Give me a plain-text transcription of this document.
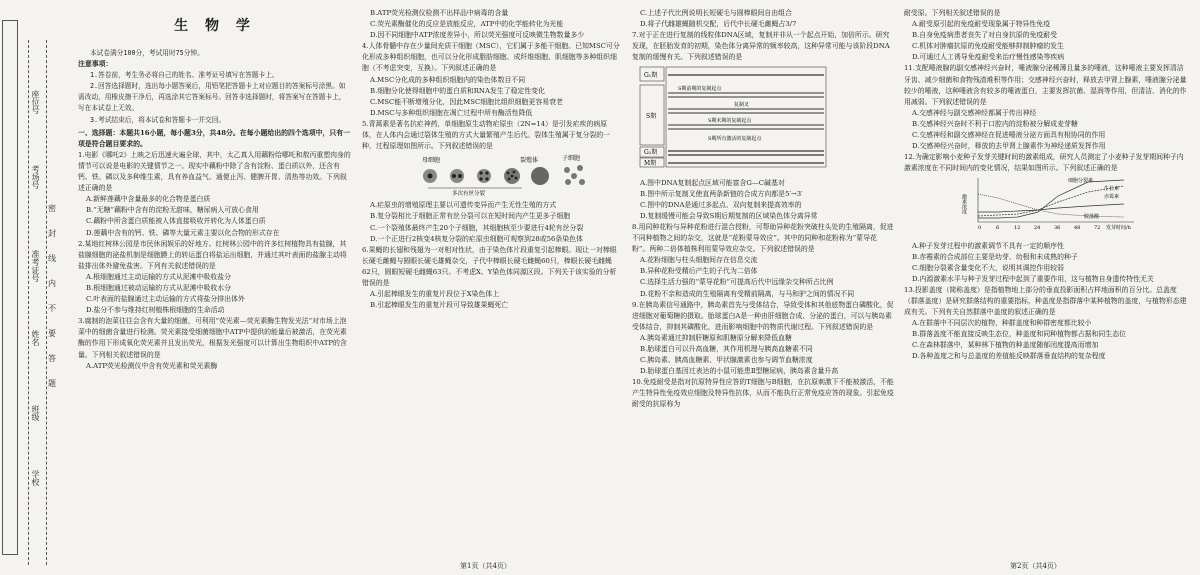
学校
班级
姓名
准考证号
考场号
座位号
密
封
线
内
不
要
答
题

生 物 学

本试卷满分100分，考试用时75分钟。

注意事项：

1.答卷前，考生务必将自己的姓名、准考证号填写在答题卡上。

2.回答选择题时，选出每小题答案后，用铅笔把答题卡上对应题目的答案标号涂黑。如需改动，用橡皮擦干净后，再选涂其它答案标号。回答非选择题时，将答案写在答题卡上，写在本试卷上无效。

3.考试结束后，将本试卷和答题卡一并交回。

一、选择题：本题共16小题，每小题3分，共48分。在每小题给出的四个选项中，只有一项是符合题目要求的。

1.电影《哪吒2》上映之后迅速火遍全球，其中，太乙真人用藕粉给哪吒和敖丙重塑肉身的情节可以说是电影的关键情节之一。现实中藕粉中除了含有淀粉、蛋白质以外，还含有钙、铁、磷以及多种维生素，具有养血益气、通便止泻、健脾开胃、清热等功效。下列叙述正确的是

A.新鲜莲藕中含量最多的化合物是蛋白质

B.“无糖”藕粉中含有的淀粉无甜味，糖尿病人可放心食用

C.藕粉中所含蛋白质能被人体直接吸收并转化为人体蛋白质

D.莲藕中含有的钙、铁、磷等大量元素主要以化合物的形式存在

2.某地红树林公园是市民休闲娱乐的好地方。红树林公园中的许多红树植物具有盐腺，其盐腺细胞的泌盐机制是细胞膜上的转运蛋白将盐运出细胞，并通过其叶表面的盐腺主动将盐排出体外避免盐害。下列有关叙述错误的是

A.根细胞通过主动运输的方式从泥滩中吸收盐分

B.根细胞通过被动运输的方式从泥滩中吸收水分

C.叶表面的盐腺通过主动运输的方式将盐分排出体外

D.盐分不参与维持红树植株根细胞的生命活动

3.腐制的泡菜往往会含有大量的细菌，可利用“荧光素—荧光素酶生物发光法”对市场上泡菜中的细菌含量进行检测。荧光素接受细菌细胞中ATP中提供的能量后被激活，在荧光素酶的作用下形成氧化荧光素并且发出荧光，根据发光强度可以计算出生物组织中ATP的含量。下列相关叙述错误的是

A.ATP荧光检测仪中含有荧光素和荧光素酶

B.ATP荧光检测仪检测不出样品中病毒的含量

C.荧光素酶催化的反应是放能反应，ATP中的化学能转化为光能

D.因不同细胞中ATP浓度差异小，所以荧光强度可反映微生物数量多少

4.人体骨髓中存在少量间充质干细胞（MSC），它们属于多能干细胞。已知MSC可分化形成多种组织细胞，也可以分化形成脂肪细胞、成纤维细胞、肌细胞等多种组织细胞（不考虑突变，互换）。下列叙述正确的是

A.MSC分化成的多种组织细胞内的染色体数目不同

B.细胞分化使得细胞中的蛋白质和RNA发生了稳定性变化

C.MSC能不断增殖分化，因此MSC细胞比组织细胞更容易衰老

D.MSC与多种组织细胞在凋亡过程中所有酶活性降低

5.青蒿素是著名抗疟神药，单细胞原生动物疟原虫（2N=14）是引发疟疾的病原体，在人体内会通过裂体生殖的方式大量繁殖产生后代。裂体生殖属于复分裂的一种，过程原理如图所示。下列叙述错误的是

母细胞	裂殖体	子细胞
多次有丝分裂

A.疟原虫的增殖原理主要以可遗传变异而产生无性生殖的方式

B.复分裂相比于细胞正常有丝分裂可以在短时间内产生更多子细胞

C.一个裂殖体最终产生20个子细胞，其细胞核至少要进行4轮有丝分裂

D.一个正进行2核变4核复分裂的疟原虫细胞可观察到28或56条染色体

6.果蝇的长翅和残翅为一对相对性状，由于染色体片段重复引起棒眼。现让一对棒眼长硬毛雌蝇与圆眼长硬毛雄蝇杂交，子代中棒眼长硬毛雌蝇60只，棒眼长硬毛雌蝇62只，圆眼短硬毛雌蝇63只。不考虑X、Y染色体同源区段。下列关于该实验的分析错误的是

A.引起棒眼发生的重复片段位于X染色体上

B.引起棒眼发生的重复片段可导致雄果蝇死亡

第1页（共4页）

C.上述子代比例说明长短硬毛与圆棒眼间自由组合

D.将子代雌雄蝇随机交配，后代中长硬毛雌蝇占3/7

7.对于正在进行复制的线粒体DNA区域，复制并非从一个起点开始，加倍所示。研究发现，在胚胎发育的初期，染色体分离异常的频率较高，这种异常可能与该阶段DNA复制的缓慢有关。下列叙述错误的是

G₁期
S期
G₂期
M期
S期前期的复制起点
复制叉
S期末期的复制起点
S期所有激活的复制起点

A.图中DNA复制起点区域可能富含G—C碱基对

B.图中所示复制叉使直两条新链的合成方向都是5′→3′

C.图中的DNA是通过多起点、双向复制来提高效率的

D.复制缓慢可能会导致S期后期复制的区域染色体分离异常

8.用同种花粉与异种花粉进行混合授粉，可帮助异种花粉突破柱头处的生殖隔离，促进不同种植物之间的杂交，这就是“花粉蒙导效应”。其中的同种和花粉称为“蒙导花粉”。两种二倍体植株利用蒙导效应杂交。下列叙述错误的是

A.花粉细胞与柱头细胞间存在信息交流

B.异种花粉受精后产生的子代为二倍体

C.选择生活力强的“蒙导花粉”可提高后代中远缘杂交种所占比例

D.花粉不亲和造成的生殖隔离有受精前隔离，与马和驴之间的情况不同

9.在胰岛素信号通路中，胰岛素首先与受体结合，导致受体和其他底物蛋白磷酸化，促进细胞对葡萄糖的摄取。胎球蛋白A是一种由肝细胞合成、分泌的蛋白，可以与胰岛素受体结合，抑制其磷酸化，进而影响细胞中的物质代谢过程。下列叙述错误的是

A.胰岛素通过抑制肝糖原和肌糖原分解来降低血糖

B.胎球蛋白可以升高血糖，其作用机理与胰高血糖素不同

C.胰岛素、胰高血糖素、甲状腺激素也参与调节血糖浓度

D.胎球蛋白基因过表达的小鼠可能患Ⅱ型糖尿病，胰岛素含量升高

10.免疫耐受是指对抗原特异性应答的T细胞与B细胞，在抗原刺激下不能被激活，不能产生特异性免疫效应细胞及特异性抗体，从而不能执行正常免疫应答的现象。引起免疫耐受的抗原称为

耐受原。下列相关叙述错误的是

A.耐受原引起的免疫耐受现象属于特异性免疫

B.自身免疫病患者丧失了对自身抗原的免疫耐受

C.机体对肿瘤抗原的免疫耐受能够抑制肿瘤的发生

D.可通过人工诱导免疫耐受来治疗慢性感染等疾病

11.支配唾液腺的副交感神经兴奋时，唾液腺分泌稀薄且量多的唾液，这种唾液主要发挥清洁牙齿、减少细菌和食物残渣堆积等作用；交感神经兴奋时，释放去甲肾上腺素，唾液腺分泌量较少的唾液，这种唾液含有较多的唾液蛋白，主要发挥抗菌、湿润等作用，但清洁、消化的作用减弱。下列叙述错误的是

A.交感神经与副交感神经都属于传出神经

B.交感神经兴奋时不利于口腔内的淀粉被分解成麦芽糖

C.交感神经和副交感神经在促进唾液分泌方面具有相协同的作用

D.交感神经兴奋时，释放的去甲肾上腺素作为神经递质发挥作用

12.为确定影响小麦种子发芽关键时间的激素组成，研究人员测定了小麦种子发芽期间种子内激素浓度在不同时间内的变化情况，结果如图所示。下列叙述正确的是

激素浓度
细胞分裂素
生长素
赤霉素
脱落酸
0	6	12	24	36	48	72 发芽时间/h

A.种子发芽过程中的激素调节不具有一定的顺序性

B.赤霉素的合成部位主要是幼芽、幼根和未成熟的种子

C.细胞分裂素含量变化不大，说明其调控作用较弱

D.内源激素水平与种子发芽过程中起到了重要作用，这与植物自身遗传特性无关

13.投影盖度（简称盖度）是指植物地上部分的垂直投影面积占样地面积的百分比。总盖度（群落盖度）是研究群落结构的重要指标，种盖度是指群落中某种植物的盖度，与植物形态建成有关。下列有关自然群落中盖度的叙述正确的是

A.在群落中不同层次的植物，种群盖度和种群密度都比较小

B.群落盖度不能直接反映生态位，种盖度和同种植物都占据和同生态位

C.在森林群落中，某种林下植物的种盖度随郁闭度提高而增加

D.各种盖度之和与总盖度的差值能反映群落垂直结构的复杂程度

第2页（共4页）
